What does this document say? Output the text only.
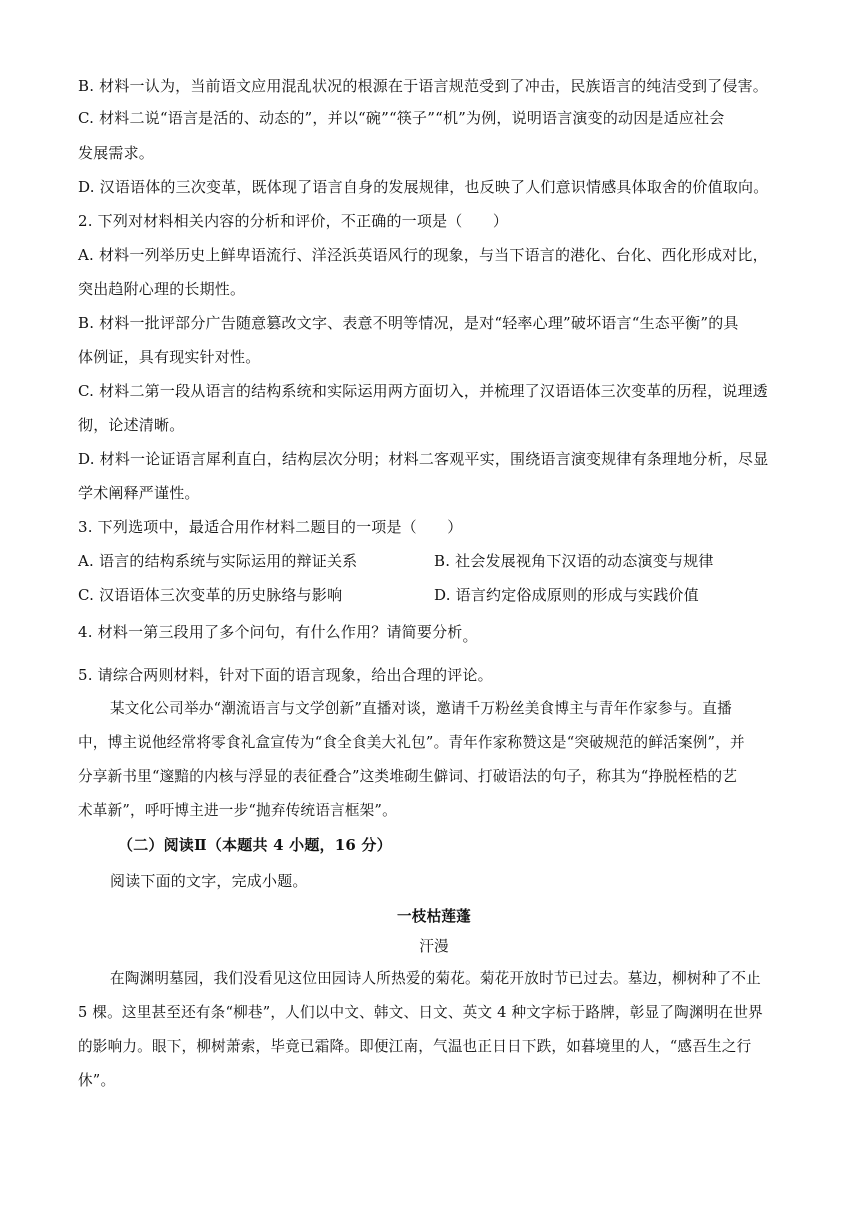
B. 材料一认为，当前语文应用混乱状况的根源在于语言规范受到了冲击，民族语言的纯洁受到了侵害。
C. 材料二说“语言是活的、动态的”，并以“碗”“筷子”“机”为例，说明语言演变的动因是适应社会
发展需求。
D. 汉语语体的三次变革，既体现了语言自身的发展规律，也反映了人们意识情感具体取舍的价值取向。
2. 下列对材料相关内容的分析和评价，不正确的一项是（　　）
A. 材料一列举历史上鲜卑语流行、洋泾浜英语风行的现象，与当下语言的港化、台化、西化形成对比，
突出趋附心理的长期性。
B. 材料一批评部分广告随意篡改文字、表意不明等情况，是对“轻率心理”破坏语言“生态平衡”的具
体例证，具有现实针对性。
C. 材料二第一段从语言的结构系统和实际运用两方面切入，并梳理了汉语语体三次变革的历程，说理透
彻，论述清晰。
D. 材料一论证语言犀利直白，结构层次分明；材料二客观平实，围绕语言演变规律有条理地分析，尽显
学术阐释严谨性。
3. 下列选项中，最适合用作材料二题目的一项是（　　）
A. 语言的结构系统与实际运用的辩证关系	B. 社会发展视角下汉语的动态演变与规律
C. 汉语语体三次变革的历史脉络与影响	D. 语言约定俗成原则的形成与实践价值
4. 材料一第三段用了多个问句，有什么作用？请简要分析。
5. 请综合两则材料，针对下面的语言现象，给出合理的评论。
某文化公司举办“潮流语言与文学创新”直播对谈，邀请千万粉丝美食博主与青年作家参与。直播
中，博主说他经常将零食礼盒宣传为“食全食美大礼包”。青年作家称赞这是“突破规范的鲜活案例”，并
分享新书里“邃黯的内核与浮显的表征叠合”这类堆砌生僻词、打破语法的句子，称其为“挣脱桎梏的艺
术革新”，呼吁博主进一步“抛弃传统语言框架”。
（二）阅读Ⅱ（本题共 4 小题，16 分）
阅读下面的文字，完成小题。
一枝枯莲蓬
汗漫
在陶渊明墓园，我们没看见这位田园诗人所热爱的菊花。菊花开放时节已过去。墓边，柳树种了不止
5 棵。这里甚至还有条“柳巷”，人们以中文、韩文、日文、英文 4 种文字标于路牌，彰显了陶渊明在世界
的影响力。眼下，柳树萧索，毕竟已霜降。即便江南，气温也正日日下跌，如暮境里的人，“感吾生之行
休”。
